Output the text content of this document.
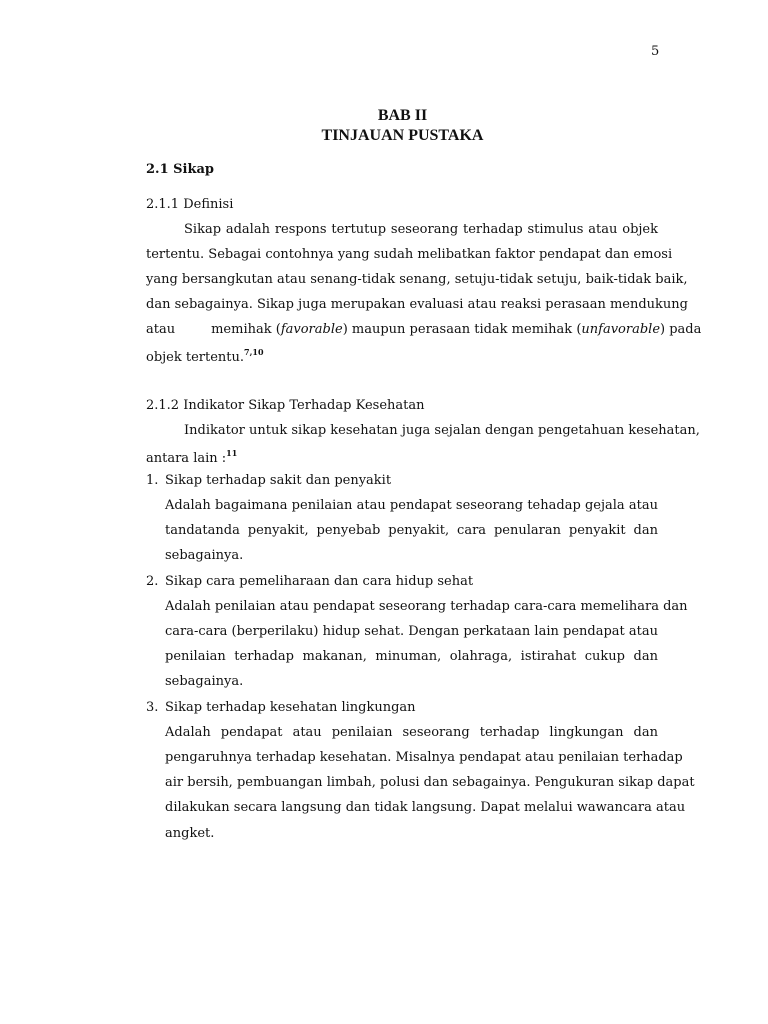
5
BAB II
TINJAUAN PUSTAKA
2.1 Sikap
2.1.1 Definisi
Sikap adalah respons tertutup seseorang terhadap stimulus atau objek
tertentu. Sebagai contohnya yang sudah melibatkan faktor pendapat dan emosi
yang bersangkutan atau senang-tidak senang, setuju-tidak setuju, baik-tidak baik,
dan sebagainya. Sikap juga merupakan evaluasi atau reaksi perasaan mendukung
atau	memihak (favorable) maupun perasaan tidak memihak (unfavorable) pada
objek tertentu.$^{7,10}$
2.1.2 Indikator Sikap Terhadap Kesehatan
Indikator untuk sikap kesehatan juga sejalan dengan pengetahuan kesehatan,
antara lain :$^{11}$
1. Sikap terhadap sakit dan penyakit
Adalah bagaimana penilaian atau pendapat seseorang tehadap gejala atau
tandatanda penyakit, penyebab penyakit, cara penularan penyakit dan
sebagainya.
2. Sikap cara pemeliharaan dan cara hidup sehat
Adalah penilaian atau pendapat seseorang terhadap cara-cara memelihara dan
cara-cara (berperilaku) hidup sehat. Dengan perkataan lain pendapat atau
penilaian terhadap makanan, minuman, olahraga, istirahat cukup dan
sebagainya.
3. Sikap terhadap kesehatan lingkungan
Adalah pendapat atau penilaian seseorang terhadap lingkungan dan
pengaruhnya terhadap kesehatan. Misalnya pendapat atau penilaian terhadap
air bersih, pembuangan limbah, polusi dan sebagainya. Pengukuran sikap dapat
dilakukan secara langsung dan tidak langsung. Dapat melalui wawancara atau
angket.
